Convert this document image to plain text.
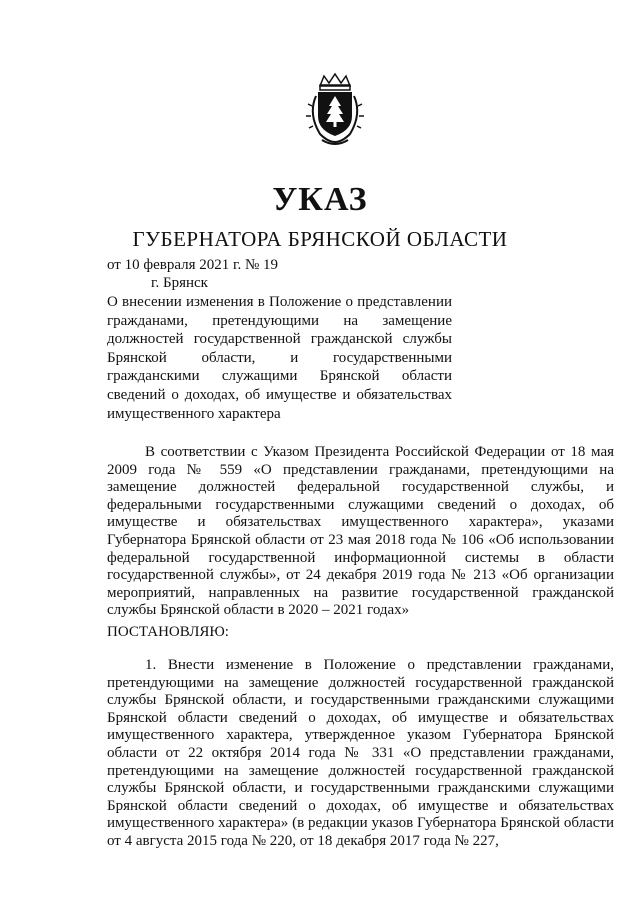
УКАЗ
ГУБЕРНАТОРА БРЯНСКОЙ ОБЛАСТИ
от 10 февраля 2021 г. № 19
г. Брянск

О внесении изменения в Положение о представлении гражданами, претендующими на замещение должностей государственной гражданской службы Брянской области, и государственными гражданскими служащими Брянской области сведений о доходах, об имуществе и обязательствах имущественного характера

В соответствии с Указом Президента Российской Федерации от 18 мая 2009 года № 559 «О представлении гражданами, претендующими на замещение должностей федеральной государственной службы, и федеральными государственными служащими сведений о доходах, об имуществе и обязательствах имущественного характера», указами Губернатора Брянской области от 23 мая 2018 года № 106 «Об использовании федеральной государственной информационной системы в области государственной службы», от 24 декабря 2019 года № 213 «Об организации мероприятий, направленных на развитие государственной гражданской службы Брянской области в 2020 – 2021 годах»

ПОСТАНОВЛЯЮ:

1. Внести изменение в Положение о представлении гражданами, претендующими на замещение должностей государственной гражданской службы Брянской области, и государственными гражданскими служащими Брянской области сведений о доходах, об имуществе и обязательствах имущественного характера, утвержденное указом Губернатора Брянской области от 22 октября 2014 года № 331 «О представлении гражданами, претендующими на замещение должностей государственной гражданской службы Брянской области, и государственными гражданскими служащими Брянской области сведений о доходах, об имуществе и обязательствах имущественного характера» (в редакции указов Губернатора Брянской области от 4 августа 2015 года № 220, от 18 декабря 2017 года № 227,
